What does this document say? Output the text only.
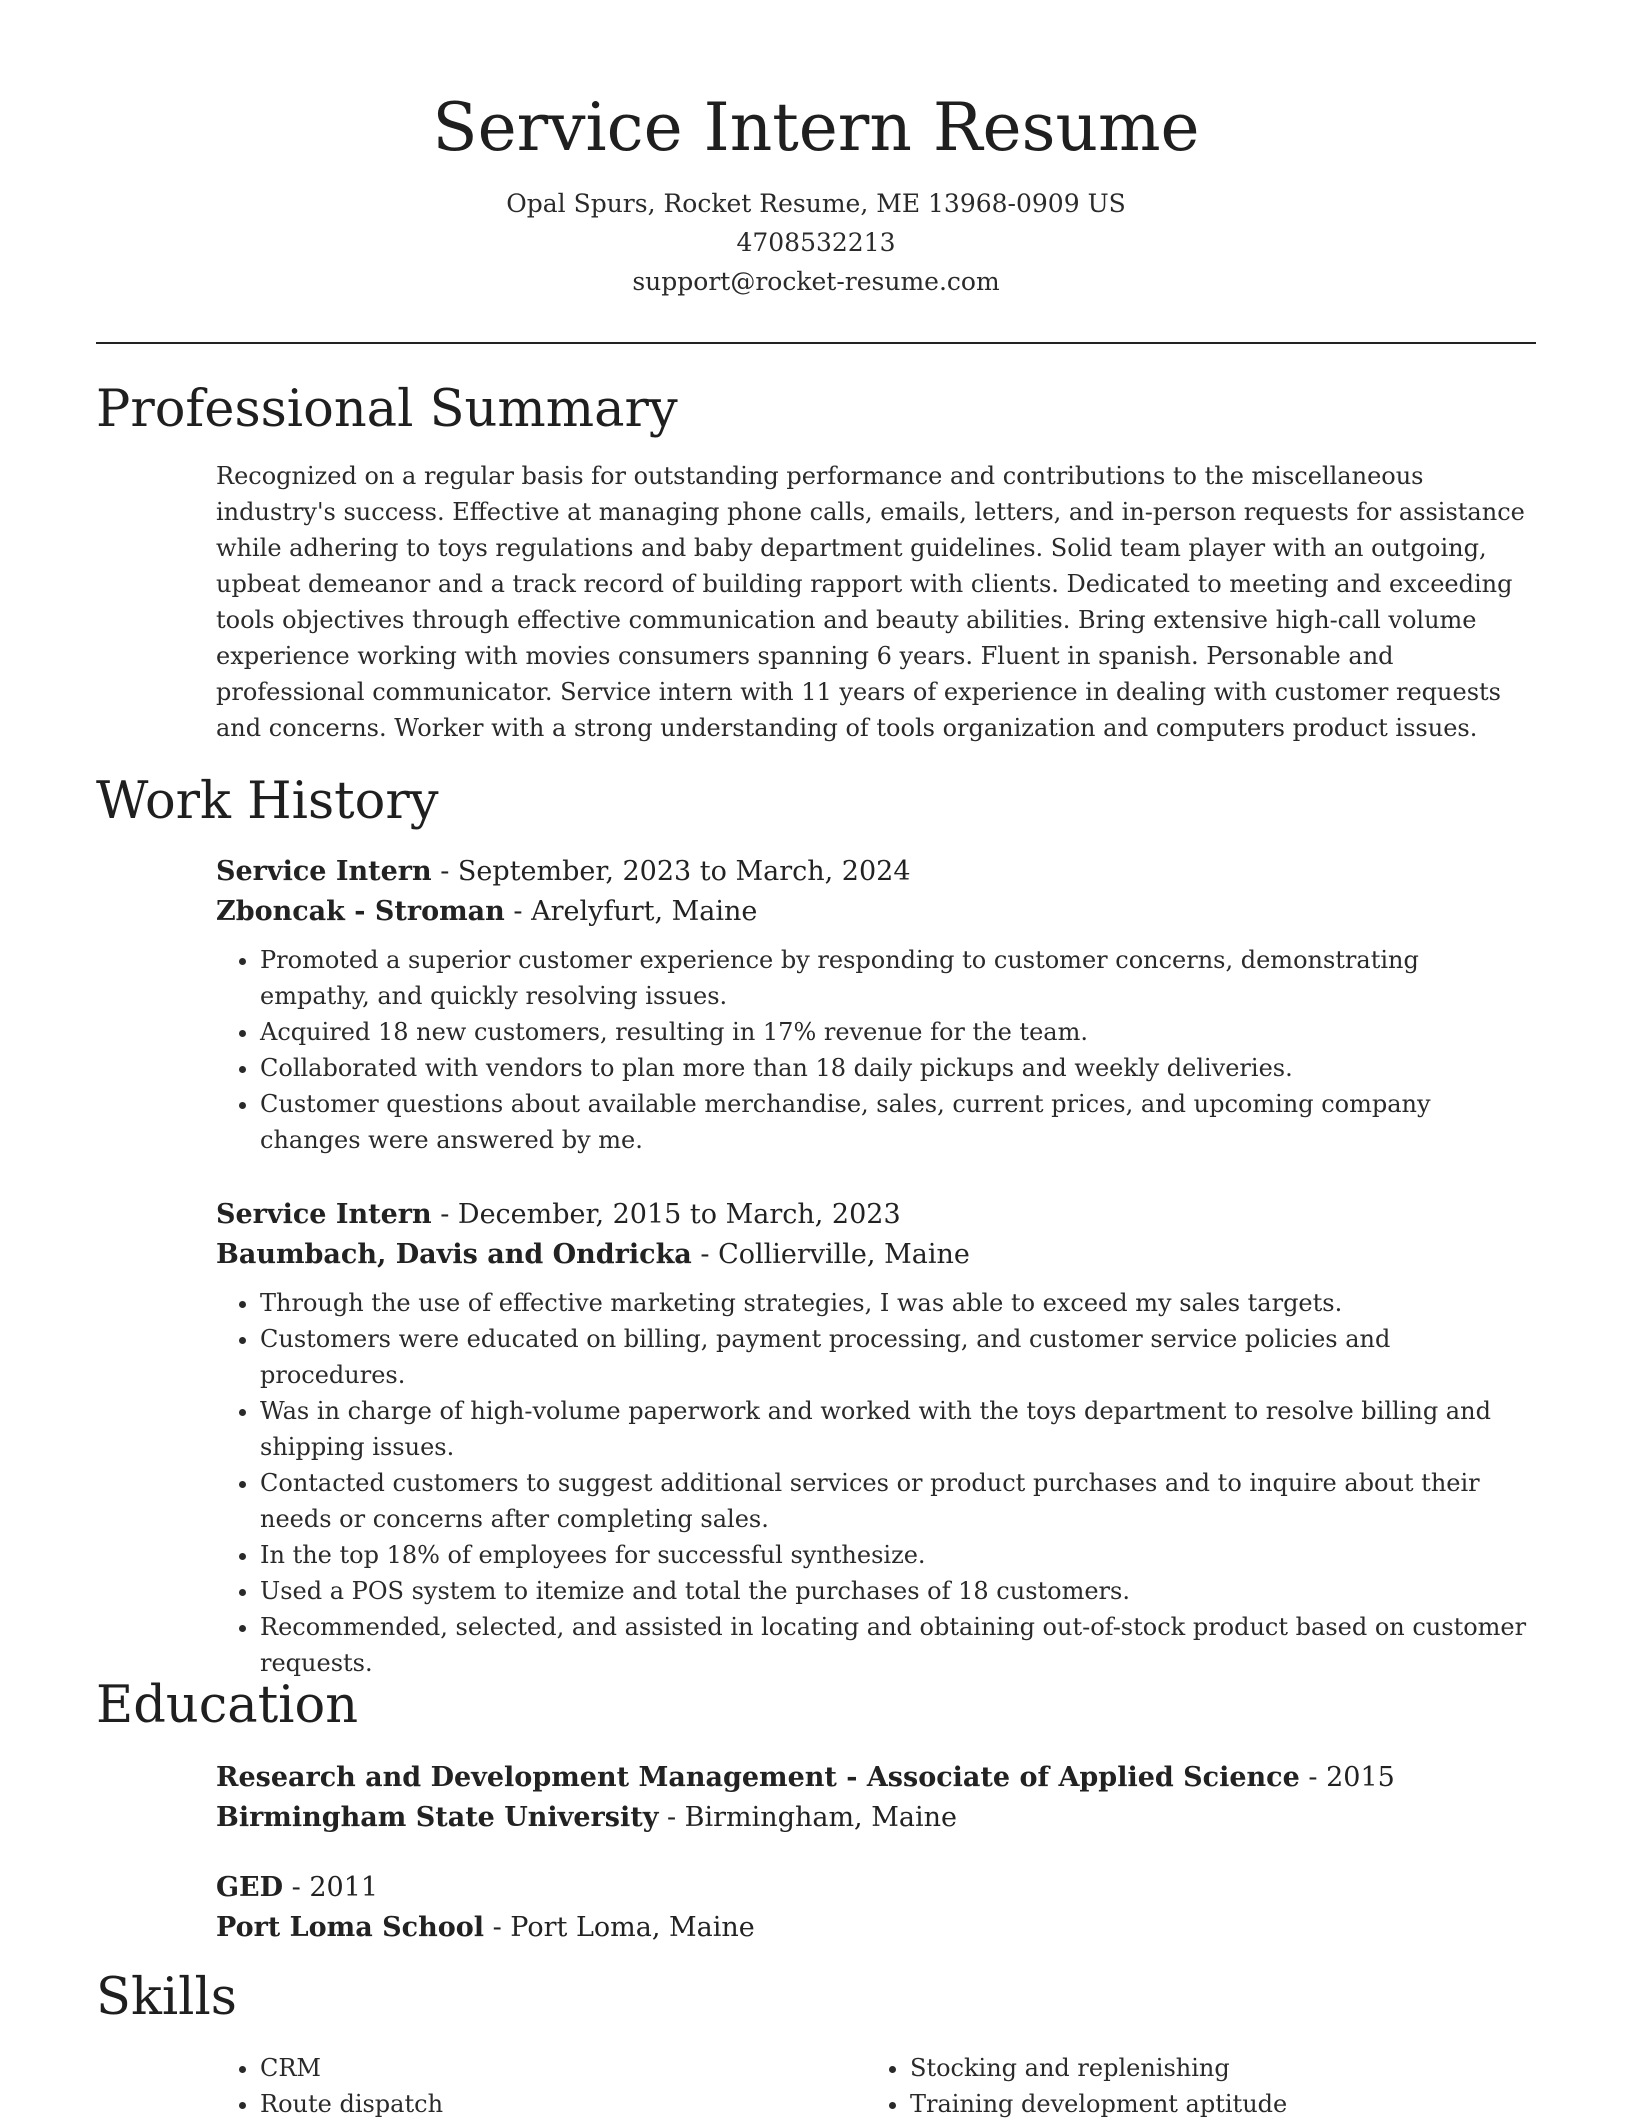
Service Intern Resume
Opal Spurs, Rocket Resume, ME 13968-0909 US
4708532213
support@rocket-resume.com
Professional Summary

Recognized on a regular basis for outstanding performance and contributions to the miscellaneous industry's success. Effective at managing phone calls, emails, letters, and in-person requests for assistance while adhering to toys regulations and baby department guidelines. Solid team player with an outgoing, upbeat demeanor and a track record of building rapport with clients. Dedicated to meeting and exceeding tools objectives through effective communication and beauty abilities. Bring extensive high-call volume experience working with movies consumers spanning 6 years. Fluent in spanish. Personable and professional communicator. Service intern with 11 years of experience in dealing with customer requests and concerns. Worker with a strong understanding of tools organization and computers product issues.

Work History
Service Intern - September, 2023 to March, 2024
Zboncak - Stroman - Arelyfurt, Maine
• Promoted a superior customer experience by responding to customer concerns, demonstrating empathy, and quickly resolving issues.
• Acquired 18 new customers, resulting in 17% revenue for the team.
• Collaborated with vendors to plan more than 18 daily pickups and weekly deliveries.
• Customer questions about available merchandise, sales, current prices, and upcoming company changes were answered by me.
Service Intern - December, 2015 to March, 2023
Baumbach, Davis and Ondricka - Collierville, Maine
• Through the use of effective marketing strategies, I was able to exceed my sales targets.
• Customers were educated on billing, payment processing, and customer service policies and procedures.
• Was in charge of high-volume paperwork and worked with the toys department to resolve billing and shipping issues.
• Contacted customers to suggest additional services or product purchases and to inquire about their needs or concerns after completing sales.
• In the top 18% of employees for successful synthesize.
• Used a POS system to itemize and total the purchases of 18 customers.
• Recommended, selected, and assisted in locating and obtaining out-of-stock product based on customer requests.
Education
Research and Development Management - Associate of Applied Science - 2015
Birmingham State University - Birmingham, Maine
GED - 2011
Port Loma School - Port Loma, Maine
Skills
• CRM
• Route dispatch
• Stocking and replenishing
• Training development aptitude
